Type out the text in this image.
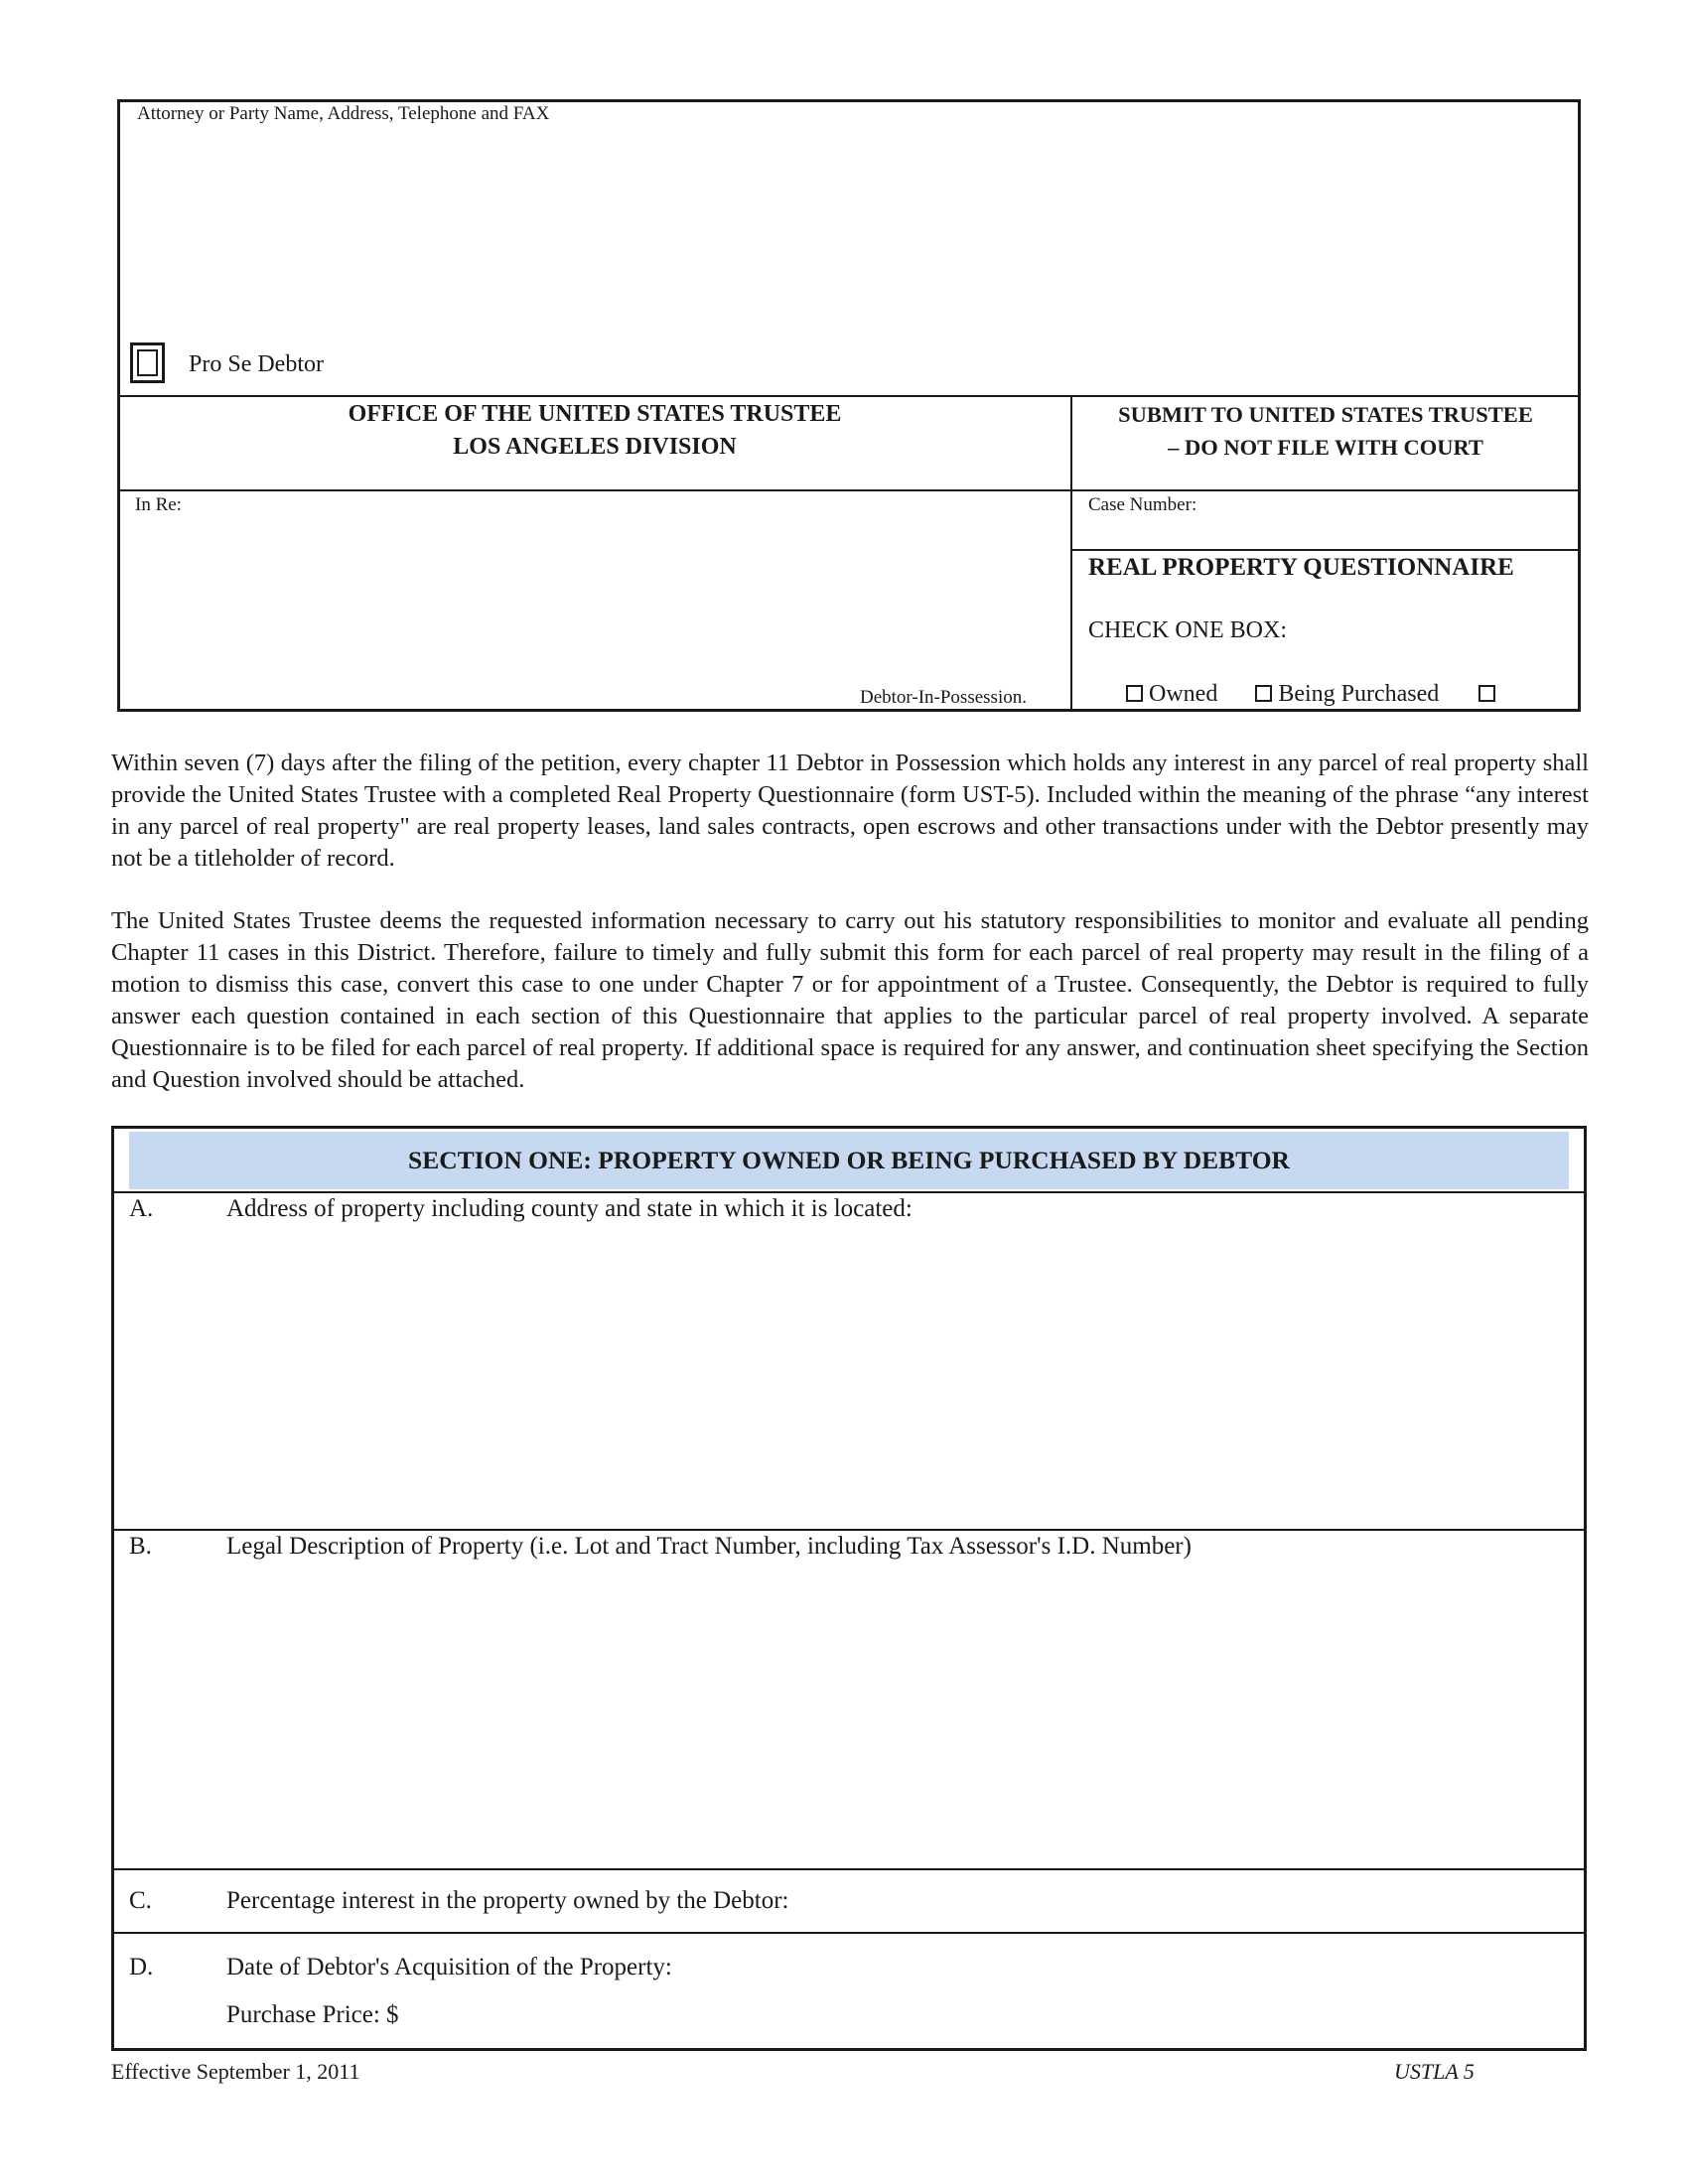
Attorney or Party Name, Address, Telephone and FAX
Pro Se Debtor
OFFICE OF THE UNITED STATES TRUSTEE
LOS ANGELES DIVISION
SUBMIT TO UNITED STATES TRUSTEE
– DO NOT FILE WITH COURT
In Re:
Debtor-In-Possession.
Case Number:
REAL PROPERTY QUESTIONNAIRE
CHECK ONE BOX:
Owned	Being Purchased
Within seven (7) days after the filing of the petition, every chapter 11 Debtor in Possession which holds any interest in any parcel of real property shall provide the United States Trustee with a completed Real Property Questionnaire (form UST-5). Included within the meaning of the phrase “any interest in any parcel of real property" are real property leases, land sales contracts, open escrows and other transactions under with the Debtor presently may not be a titleholder of record.
The United States Trustee deems the requested information necessary to carry out his statutory responsibilities to monitor and evaluate all pending Chapter 11 cases in this District. Therefore, failure to timely and fully submit this form for each parcel of real property may result in the filing of a motion to dismiss this case, convert this case to one under Chapter 7 or for appointment of a Trustee. Consequently, the Debtor is required to fully answer each question contained in each section of this Questionnaire that applies to the particular parcel of real property involved. A separate Questionnaire is to be filed for each parcel of real property. If additional space is required for any answer, and continuation sheet specifying the Section and Question involved should be attached.
SECTION ONE: PROPERTY OWNED OR BEING PURCHASED BY DEBTOR
A.	Address of property including county and state in which it is located:
B.	Legal Description of Property (i.e. Lot and Tract Number, including Tax Assessor's I.D. Number)
C.	Percentage interest in the property owned by the Debtor:
D.	Date of Debtor's Acquisition of the Property:
Purchase Price: $
Effective September 1, 2011	USTLA 5
